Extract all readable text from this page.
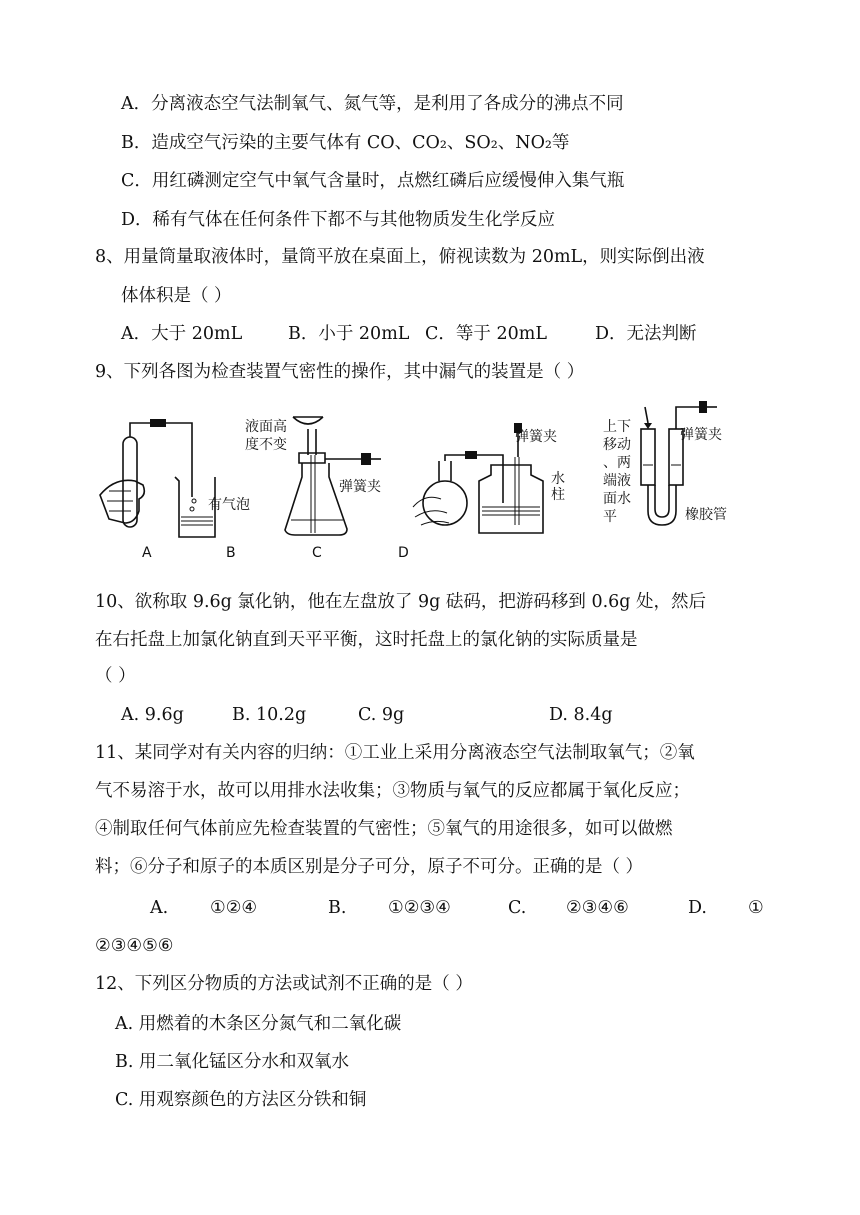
A．分离液态空气法制氧气、氮气等，是利用了各成分的沸点不同
B．造成空气污染的主要气体有 CO、CO₂、SO₂、NO₂等
C．用红磷测定空气中氧气含量时，点燃红磷后应缓慢伸入集气瓶
D．稀有气体在任何条件下都不与其他物质发生化学反应
8、用量筒量取液体时，量筒平放在桌面上，俯视读数为 20mL，则实际倒出液
体体积是（ ）
A．大于 20mL	B．小于 20mL C．等于 20mL	D．无法判断
9、下列各图为检查装置气密性的操作，其中漏气的装置是（ ）
有气泡
液面高
度不变
弹簧夹
弹簧夹
水
柱
上下
移动
、两
端液
面水
平
弹簧夹
橡胶管
A	B	C	D
10、欲称取 9.6g 氯化钠，他在左盘放了 9g 砝码，把游码移到 0.6g 处，然后
在右托盘上加氯化钠直到天平平衡，这时托盘上的氯化钠的实际质量是
（ ）
A. 9.6g	B. 10.2g	C. 9g	D. 8.4g
11、某同学对有关内容的归纳：①工业上采用分离液态空气法制取氧气；②氧
气不易溶于水，故可以用排水法收集；③物质与氧气的反应都属于氧化反应；
④制取任何气体前应先检查装置的气密性；⑤氧气的用途很多，如可以做燃
料；⑥分子和原子的本质区别是分子可分，原子不可分。正确的是（ ）
A. ①②④	B. ①②③④	C. ②③④⑥	D. ①
②③④⑤⑥
12、下列区分物质的方法或试剂不正确的是（ ）
A. 用燃着的木条区分氮气和二氧化碳
B. 用二氧化锰区分水和双氧水
C. 用观察颜色的方法区分铁和铜
